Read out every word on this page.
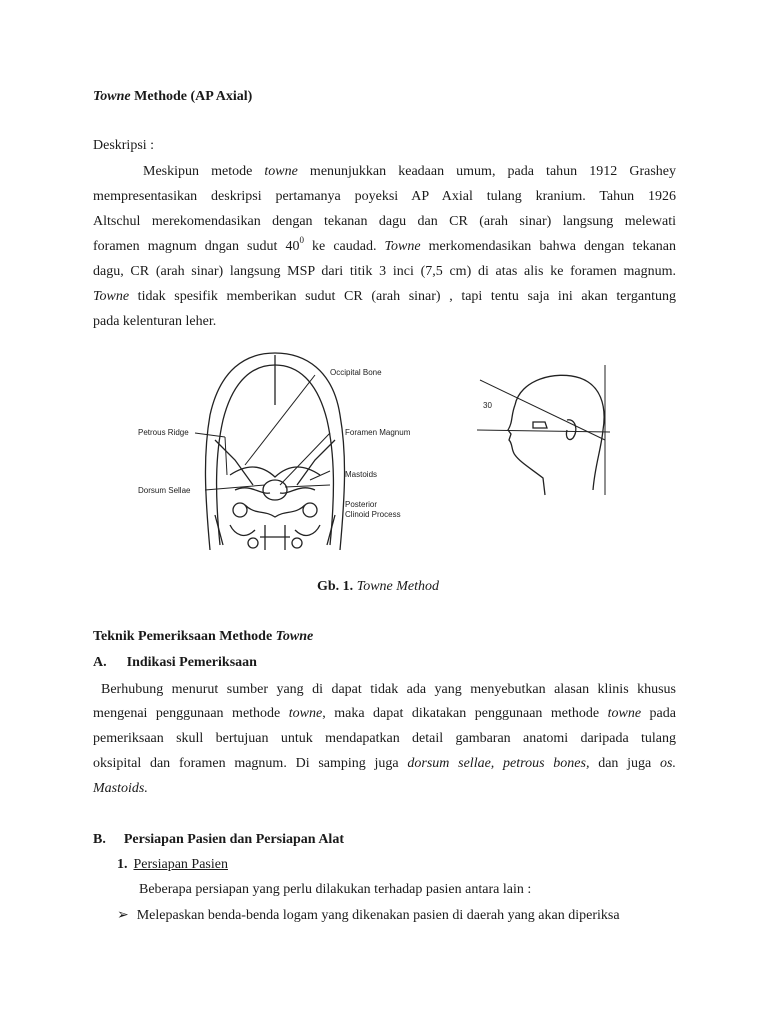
Towne Methode (AP Axial)
Deskripsi :
Meskipun metode towne menunjukkan keadaan umum, pada tahun 1912 Grashey
mempresentasikan deskripsi pertamanya poyeksi AP Axial tulang kranium. Tahun 1926
Altschul merekomendasikan dengan tekanan dagu dan CR (arah sinar) langsung melewati
foramen magnum dngan sudut $40^0$ ke caudad. Towne merkomendasikan bahwa dengan tekanan
dagu, CR (arah sinar) langsung MSP dari titik 3 inci (7,5 cm) di atas alis ke foramen magnum.
Towne tidak spesifik memberikan sudut CR (arah sinar) , tapi tentu saja ini akan tergantung
pada kelenturan leher.
Occipital Bone
Petrous Ridge	Foramen Magnum
Mastoids
Dorsum Sellae
Posterior
Clinoid Process
30
Gb. 1. Towne Method
Teknik Pemeriksaan Methode Towne
A. Indikasi Pemeriksaan
Berhubung menurut sumber yang di dapat tidak ada yang menyebutkan alasan klinis khusus
mengenai penggunaan methode towne, maka dapat dikatakan penggunaan methode towne pada
pemeriksaan skull bertujuan untuk mendapatkan detail gambaran anatomi daripada tulang
oksipital dan foramen magnum. Di samping juga dorsum sellae, petrous bones, dan juga os.
Mastoids.
B. Persiapan Pasien dan Persiapan Alat
1. Persiapan Pasien
Beberapa persiapan yang perlu dilakukan terhadap pasien antara lain :
➢ Melepaskan benda-benda logam yang dikenakan pasien di daerah yang akan diperiksa
